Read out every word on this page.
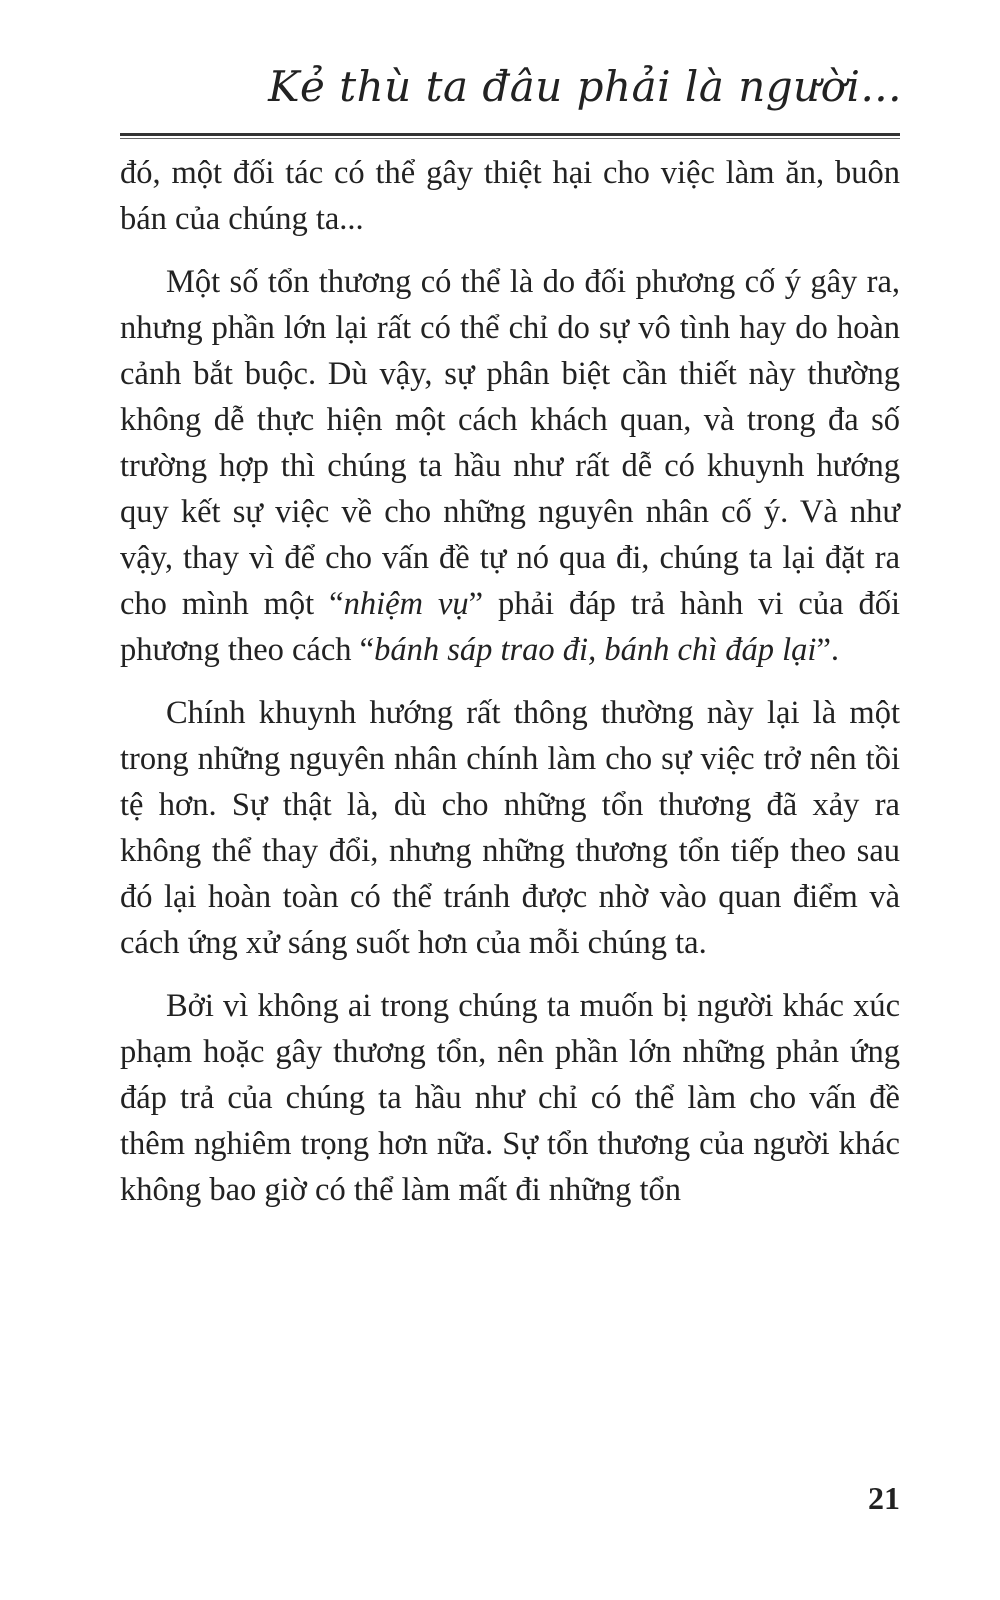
Kẻ thù ta đâu phải là người...

đó, một đối tác có thể gây thiệt hại cho việc làm ăn, buôn bán của chúng ta...

Một số tổn thương có thể là do đối phương cố ý gây ra, nhưng phần lớn lại rất có thể chỉ do sự vô tình hay do hoàn cảnh bắt buộc. Dù vậy, sự phân biệt cần thiết này thường không dễ thực hiện một cách khách quan, và trong đa số trường hợp thì chúng ta hầu như rất dễ có khuynh hướng quy kết sự việc về cho những nguyên nhân cố ý. Và như vậy, thay vì để cho vấn đề tự nó qua đi, chúng ta lại đặt ra cho mình một “nhiệm vụ” phải đáp trả hành vi của đối phương theo cách “bánh sáp trao đi, bánh chì đáp lại”.

Chính khuynh hướng rất thông thường này lại là một trong những nguyên nhân chính làm cho sự việc trở nên tồi tệ hơn. Sự thật là, dù cho những tổn thương đã xảy ra không thể thay đổi, nhưng những thương tổn tiếp theo sau đó lại hoàn toàn có thể tránh được nhờ vào quan điểm và cách ứng xử sáng suốt hơn của mỗi chúng ta.

Bởi vì không ai trong chúng ta muốn bị người khác xúc phạm hoặc gây thương tổn, nên phần lớn những phản ứng đáp trả của chúng ta hầu như chỉ có thể làm cho vấn đề thêm nghiêm trọng hơn nữa. Sự tổn thương của người khác không bao giờ có thể làm mất đi những tổn

21
